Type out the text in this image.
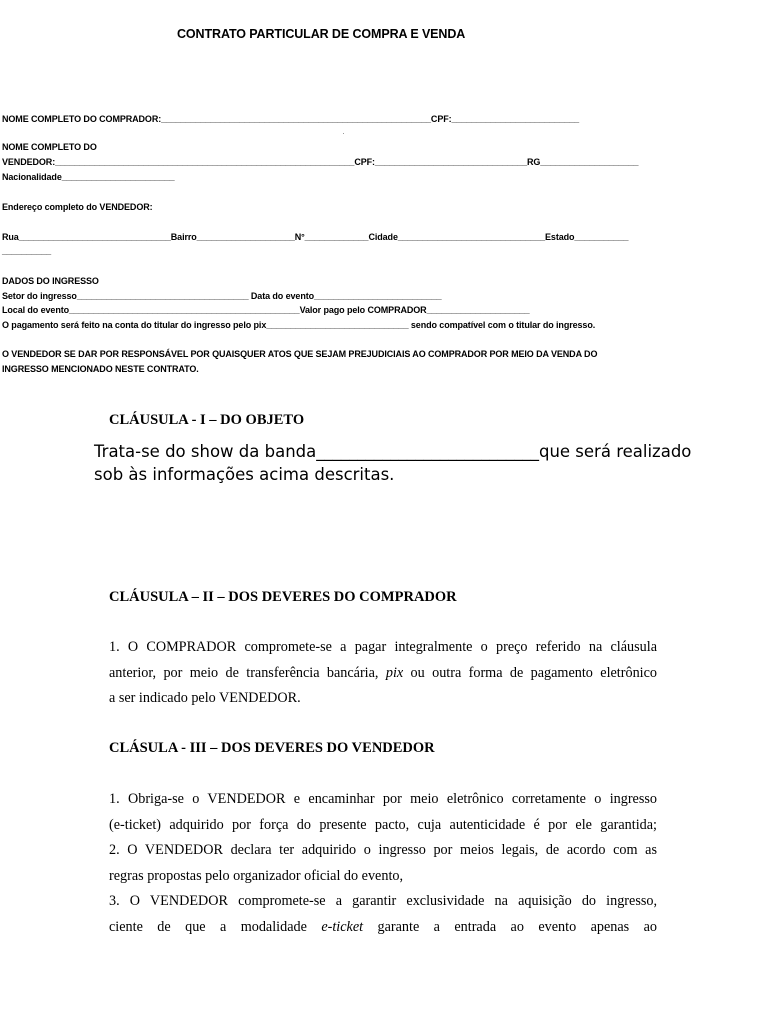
CONTRATO PARTICULAR DE COMPRA E VENDA
NOME COMPLETO DO COMPRADOR:_______________________________________________________CPF:__________________________
NOME COMPLETO DO
VENDEDOR:_____________________________________________________________CPF:_______________________________RG____________________
Nacionalidade_______________________
Endereço completo do VENDEDOR:
Rua_______________________________Bairro____________________N°_____________Cidade______________________________Estado___________
__________
DADOS DO INGRESSO
Setor do ingresso___________________________________ Data do evento__________________________
Local do evento_______________________________________________Valor pago pelo COMPRADOR_____________________
O pagamento será feito na conta do titular do ingresso pelo pix_____________________________ sendo compatível com o titular do ingresso.
O VENDEDOR SE DAR POR RESPONSÁVEL POR QUAISQUER ATOS QUE SEJAM PREJUDICIAIS AO COMPRADOR POR MEIO DA VENDA DO
INGRESSO MENCIONADO NESTE CONTRATO.
CLÁUSULA - I – DO OBJETO
Trata-se do show da banda___________________________que será realizado
sob às informações acima descritas.
CLÁUSULA – II – DOS DEVERES DO COMPRADOR

1. O COMPRADOR compromete-se a pagar integralmente o preço referido na cláusula

anterior, por meio de transferência bancária, pix ou outra forma de pagamento eletrônico

a ser indicado pelo VENDEDOR.

CLÁSULA - III – DOS DEVERES DO VENDEDOR

1. Obriga-se o VENDEDOR e encaminhar por meio eletrônico corretamente o ingresso

(e-ticket) adquirido por força do presente pacto, cuja autenticidade é por ele garantida;

2. O VENDEDOR declara ter adquirido o ingresso por meios legais, de acordo com as

regras propostas pelo organizador oficial do evento,

3. O VENDEDOR compromete-se a garantir exclusividade na aquisição do ingresso,

ciente de que a modalidade e-ticket garante a entrada ao evento apenas ao
